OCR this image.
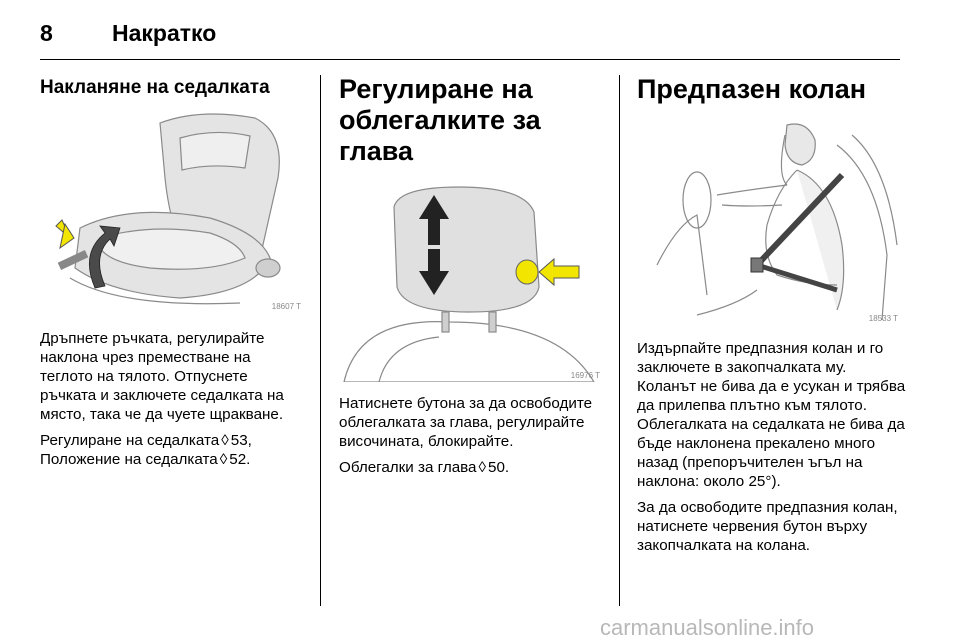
8	Накратко
Накланяне на седалката
18607 T

Дръпнете ръчката, регулирайте наклона чрез преместване на теглото на тялото. Отпуснете ръчката и заключете седалката на място, така че да чуете щракване.

Регулиране на седалката ◊ 53, Положение на седалката ◊ 52.

Регулиране на облегалките за глава
16976 T

Натиснете бутона за да освободите облегалката за глава, регулирайте височината, блокирайте.

Облегалки за глава ◊ 50.

Предпазен колан
18533 T

Издърпайте предпазния колан и го заключете в закопчалката му. Коланът не бива да е усукан и трябва да прилепва плътно към тялото. Облегалката на седалката не бива да бъде наклонена прекалено много назад (препоръчителен ъгъл на наклона: около 25°).

За да освободите предпазния колан, натиснете червения бутон върху закопчалката на колана.

carmanualsonline.info
